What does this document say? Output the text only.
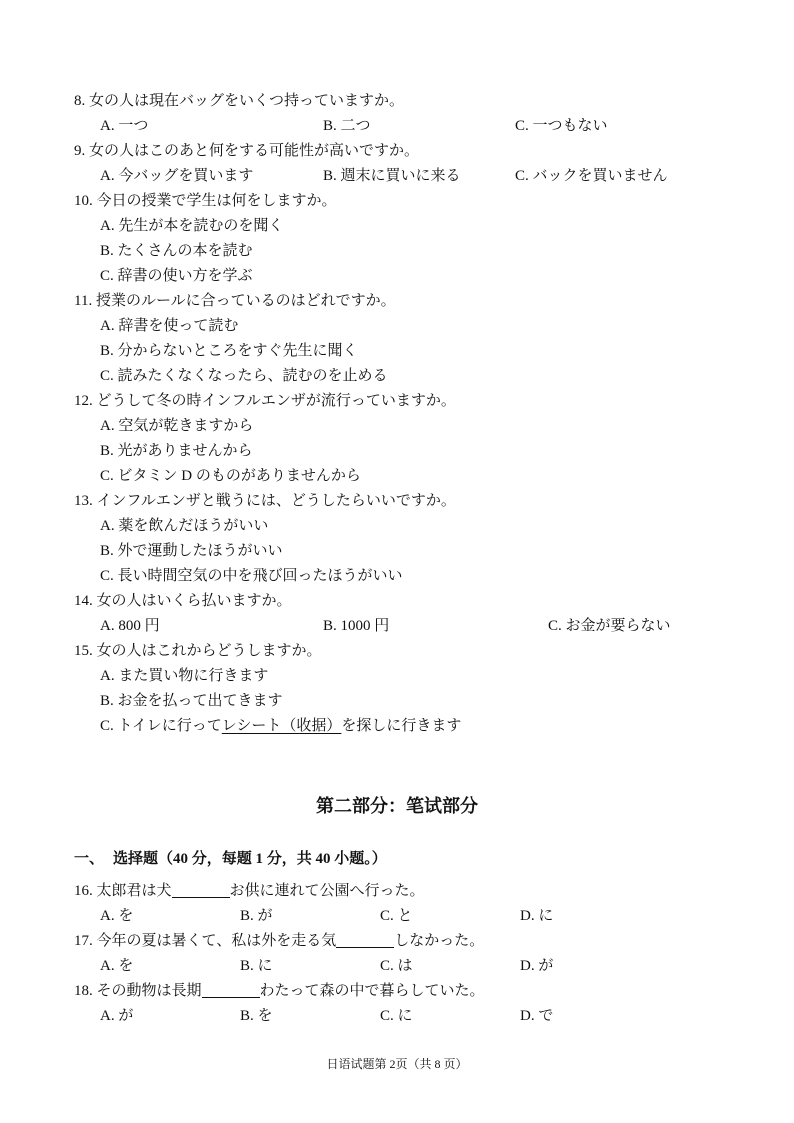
8. 女の人は現在バッグをいくつ持っていますか。
A. 一つ	B. 二つ	C. 一つもない
9. 女の人はこのあと何をする可能性が高いですか。
A. 今バッグを買います	B. 週末に買いに来る	C. バックを買いません
10. 今日の授業で学生は何をしますか。
A. 先生が本を読むのを聞く
B. たくさんの本を読む
C. 辞書の使い方を学ぶ
11. 授業のルールに合っているのはどれですか。
A. 辞書を使って読む
B. 分からないところをすぐ先生に聞く
C. 読みたくなくなったら、読むのを止める
12. どうして冬の時インフルエンザが流行っていますか。
A. 空気が乾きますから
B. 光がありませんから
C. ビタミン D のものがありませんから
13. インフルエンザと戦うには、どうしたらいいですか。
A. 薬を飲んだほうがいい
B. 外で運動したほうがいい
C. 長い時間空気の中を飛び回ったほうがいい
14. 女の人はいくら払いますか。
A. 800 円	B. 1000 円	C. お金が要らない
15. 女の人はこれからどうしますか。
A. また買い物に行きます
B. お金を払って出てきます
C. トイレに行ってレシート（收据）を探しに行きます
第二部分：笔试部分
一、 选择题（40 分，每题 1 分，共 40 小题。）
16. 太郎君は犬	お供に連れて公園へ行った。
A. を	B. が	C. と	D. に
17. 今年の夏は暑くて、私は外を走る気	しなかった。
A. を	B. に	C. は	D. が
18. その動物は長期	わたって森の中で暮らしていた。
A. が	B. を	C. に	D. で
日语试题第 2页（共 8 页）
